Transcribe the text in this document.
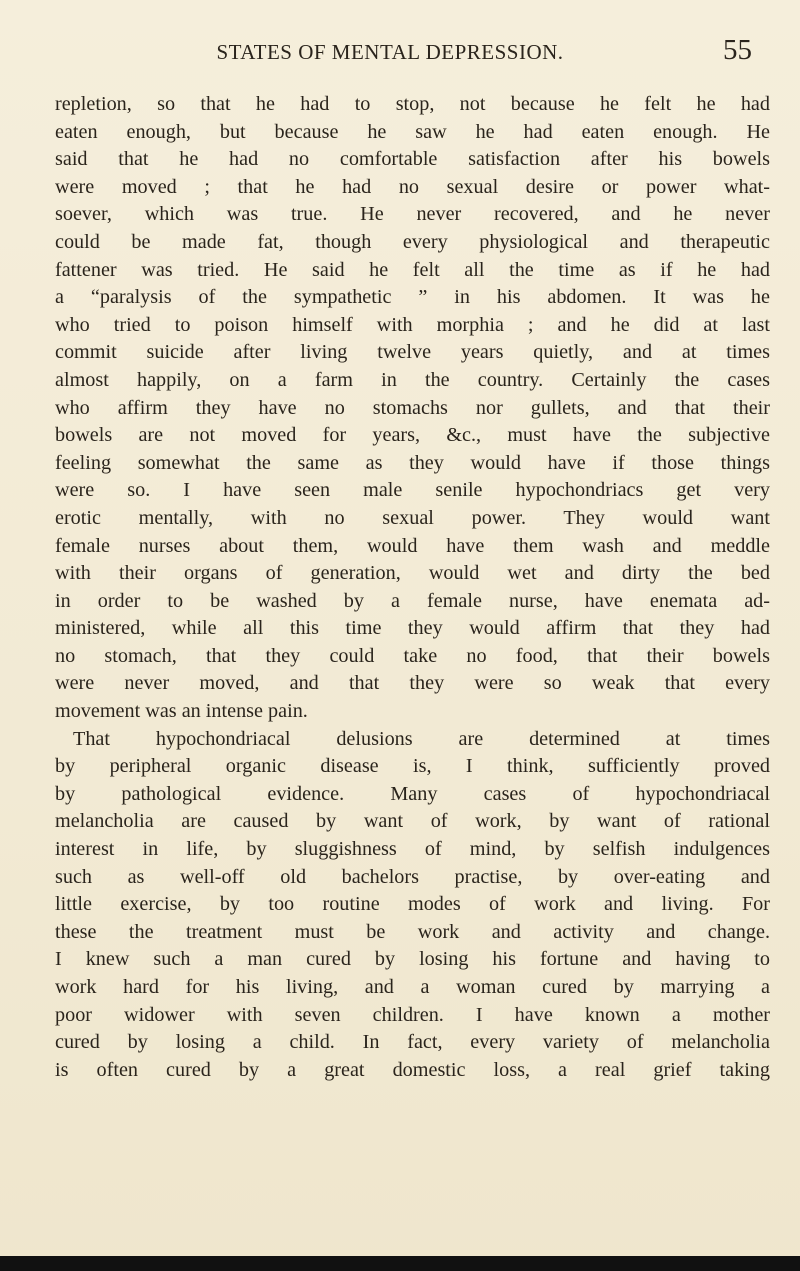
STATES OF MENTAL DEPRESSION.	55
repletion, so that he had to stop, not because he felt he had
eaten enough, but because he saw he had eaten enough. He
said that he had no comfortable satisfaction after his bowels
were moved ; that he had no sexual desire or power what-
soever, which was true. He never recovered, and he never
could be made fat, though every physiological and therapeutic
fattener was tried. He said he felt all the time as if he had
a “paralysis of the sympathetic ” in his abdomen. It was he
who tried to poison himself with morphia ; and he did at last
commit suicide after living twelve years quietly, and at times
almost happily, on a farm in the country. Certainly the cases
who affirm they have no stomachs nor gullets, and that their
bowels are not moved for years, &c., must have the subjective
feeling somewhat the same as they would have if those things
were so. I have seen male senile hypochondriacs get very
erotic mentally, with no sexual power. They would want
female nurses about them, would have them wash and meddle
with their organs of generation, would wet and dirty the bed
in order to be washed by a female nurse, have enemata ad-
ministered, while all this time they would affirm that they had
no stomach, that they could take no food, that their bowels
were never moved, and that they were so weak that every
movement was an intense pain.
That hypochondriacal delusions are determined at times
by peripheral organic disease is, I think, sufficiently proved
by pathological evidence. Many cases of hypochondriacal
melancholia are caused by want of work, by want of rational
interest in life, by sluggishness of mind, by selfish indulgences
such as well-off old bachelors practise, by over-eating and
little exercise, by too routine modes of work and living. For
these the treatment must be work and activity and change.
I knew such a man cured by losing his fortune and having to
work hard for his living, and a woman cured by marrying a
poor widower with seven children. I have known a mother
cured by losing a child. In fact, every variety of melancholia
is often cured by a great domestic loss, a real grief taking
